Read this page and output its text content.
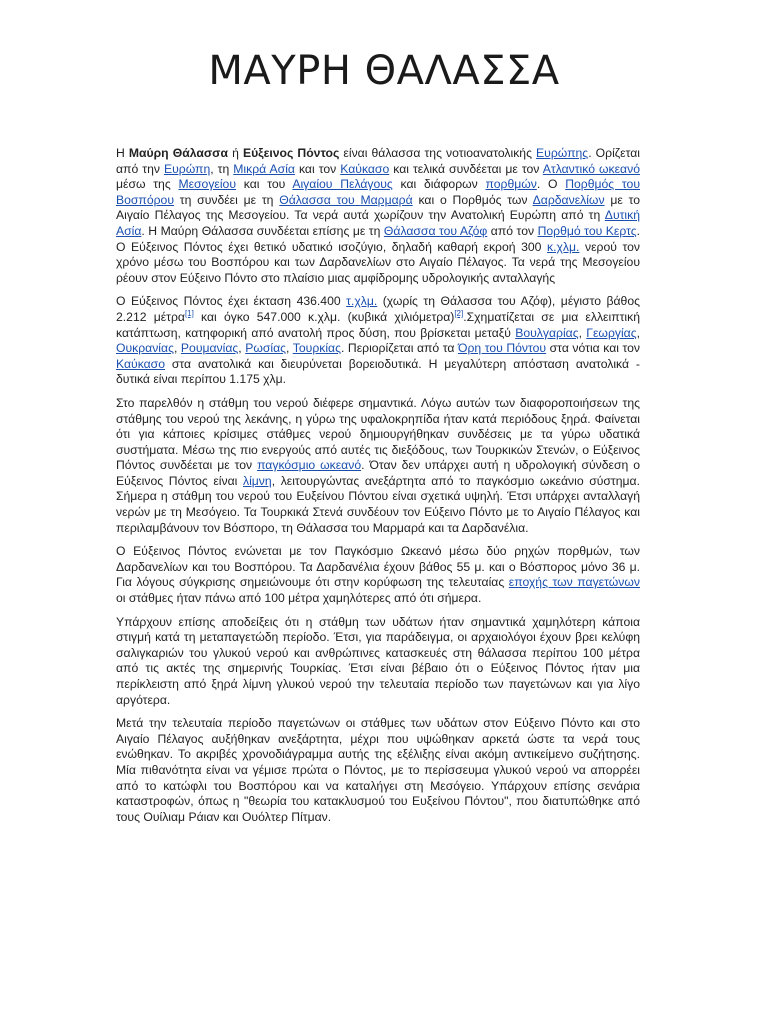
ΜΑΥΡΗ ΘΑΛΑΣΣΑ

Η Μαύρη Θάλασσα ή Εύξεινος Πόντος είναι θάλασσα της νοτιοανατολικής Ευρώπης. Ορίζεται από την Ευρώπη, τη Μικρά Ασία και τον Καύκασο και τελικά συνδέεται με τον Ατλαντικό ωκεανό μέσω της Μεσογείου και του Αιγαίου Πελάγους και διάφορων πορθμών. Ο Πορθμός του Βοσπόρου τη συνδέει με τη Θάλασσα του Μαρμαρά και ο Πορθμός των Δαρδανελίων με το Αιγαίο Πέλαγος της Μεσογείου. Τα νερά αυτά χωρίζουν την Ανατολική Ευρώπη από τη Δυτική Ασία. Η Μαύρη Θάλασσα συνδέεται επίσης με τη Θάλασσα του Αζόφ από τον Πορθμό του Κερτς. Ο Εύξεινος Πόντος έχει θετικό υδατικό ισοζύγιο, δηλαδή καθαρή εκροή 300 κ.χλμ. νερού τον χρόνο μέσω του Βοσπόρου και των Δαρδανελίων στο Αιγαίο Πέλαγος. Τα νερά της Μεσογείου ρέουν στον Εύξεινο Πόντο στο πλαίσιο μιας αμφίδρομης υδρολογικής ανταλλαγής

Ο Εύξεινος Πόντος έχει έκταση 436.400 τ.χλμ. (χωρίς τη Θάλασσα του Αζόφ), μέγιστο βάθος 2.212 μέτρα[1] και όγκο 547.000 κ.χλμ. (κυβικά χιλιόμετρα)[2].Σχηματίζεται σε μια ελλειπτική κατάπτωση, κατηφορική από ανατολή προς δύση, που βρίσκεται μεταξύ Βουλγαρίας, Γεωργίας, Ουκρανίας, Ρουμανίας, Ρωσίας, Τουρκίας. Περιορίζεται από τα Όρη του Πόντου στα νότια και τον Καύκασο στα ανατολικά και διευρύνεται βορειοδυτικά. Η μεγαλύτερη απόσταση ανατολικά - δυτικά είναι περίπου 1.175 χλμ.

Στο παρελθόν η στάθμη του νερού διέφερε σημαντικά. Λόγω αυτών των διαφοροποιήσεων της στάθμης του νερού της λεκάνης, η γύρω της υφαλοκρηπίδα ήταν κατά περιόδους ξηρά. Φαίνεται ότι για κάποιες κρίσιμες στάθμες νερού δημιουργήθηκαν συνδέσεις με τα γύρω υδατικά συστήματα. Μέσω της πιο ενεργούς από αυτές τις διεξόδους, των Τουρκικών Στενών, ο Εύξεινος Πόντος συνδέεται με τον παγκόσμιο ωκεανό. Όταν δεν υπάρχει αυτή η υδρολογική σύνδεση ο Εύξεινος Πόντος είναι λίμνη, λειτουργώντας ανεξάρτητα από το παγκόσμιο ωκεάνιο σύστημα. Σήμερα η στάθμη του νερού του Ευξείνου Πόντου είναι σχετικά υψηλή. Έτσι υπάρχει ανταλλαγή νερών με τη Μεσόγειο. Τα Τουρκικά Στενά συνδέουν τον Εύξεινο Πόντο με το Αιγαίο Πέλαγος και περιλαμβάνουν τον Βόσπορο, τη Θάλασσα του Μαρμαρά και τα Δαρδανέλια.

Ο Εύξεινος Πόντος ενώνεται με τον Παγκόσμιο Ωκεανό μέσω δύο ρηχών πορθμών, των Δαρδανελίων και του Βοσπόρου. Τα Δαρδανέλια έχουν βάθος 55 μ. και ο Βόσπορος μόνο 36 μ. Για λόγους σύγκρισης σημειώνουμε ότι στην κορύφωση της τελευταίας εποχής των παγετώνων οι στάθμες ήταν πάνω από 100 μέτρα χαμηλότερες από ότι σήμερα.

Υπάρχουν επίσης αποδείξεις ότι η στάθμη των υδάτων ήταν σημαντικά χαμηλότερη κάποια στιγμή κατά τη μεταπαγετώδη περίοδο. Έτσι, για παράδειγμα, οι αρχαιολόγοι έχουν βρει κελύφη σαλιγκαριών του γλυκού νερού και ανθρώπινες κατασκευές στη θάλασσα περίπου 100 μέτρα από τις ακτές της σημερινής Τουρκίας. Έτσι είναι βέβαιο ότι ο Εύξεινος Πόντος ήταν μια περίκλειστη από ξηρά λίμνη γλυκού νερού την τελευταία περίοδο των παγετώνων και για λίγο αργότερα.

Μετά την τελευταία περίοδο παγετώνων οι στάθμες των υδάτων στον Εύξεινο Πόντο και στο Αιγαίο Πέλαγος αυξήθηκαν ανεξάρτητα, μέχρι που υψώθηκαν αρκετά ώστε τα νερά τους ενώθηκαν. Το ακριβές χρονοδιάγραμμα αυτής της εξέλιξης είναι ακόμη αντικείμενο συζήτησης. Μία πιθανότητα είναι να γέμισε πρώτα ο Πόντος, με το περίσσευμα γλυκού νερού να απορρέει από το κατώφλι του Βοσπόρου και να καταλήγει στη Μεσόγειο. Υπάρχουν επίσης σενάρια καταστροφών, όπως η "θεωρία του κατακλυσμού του Ευξείνου Πόντου", που διατυπώθηκε από τους Ουίλιαμ Ράιαν και Ουόλτερ Πίτμαν.
